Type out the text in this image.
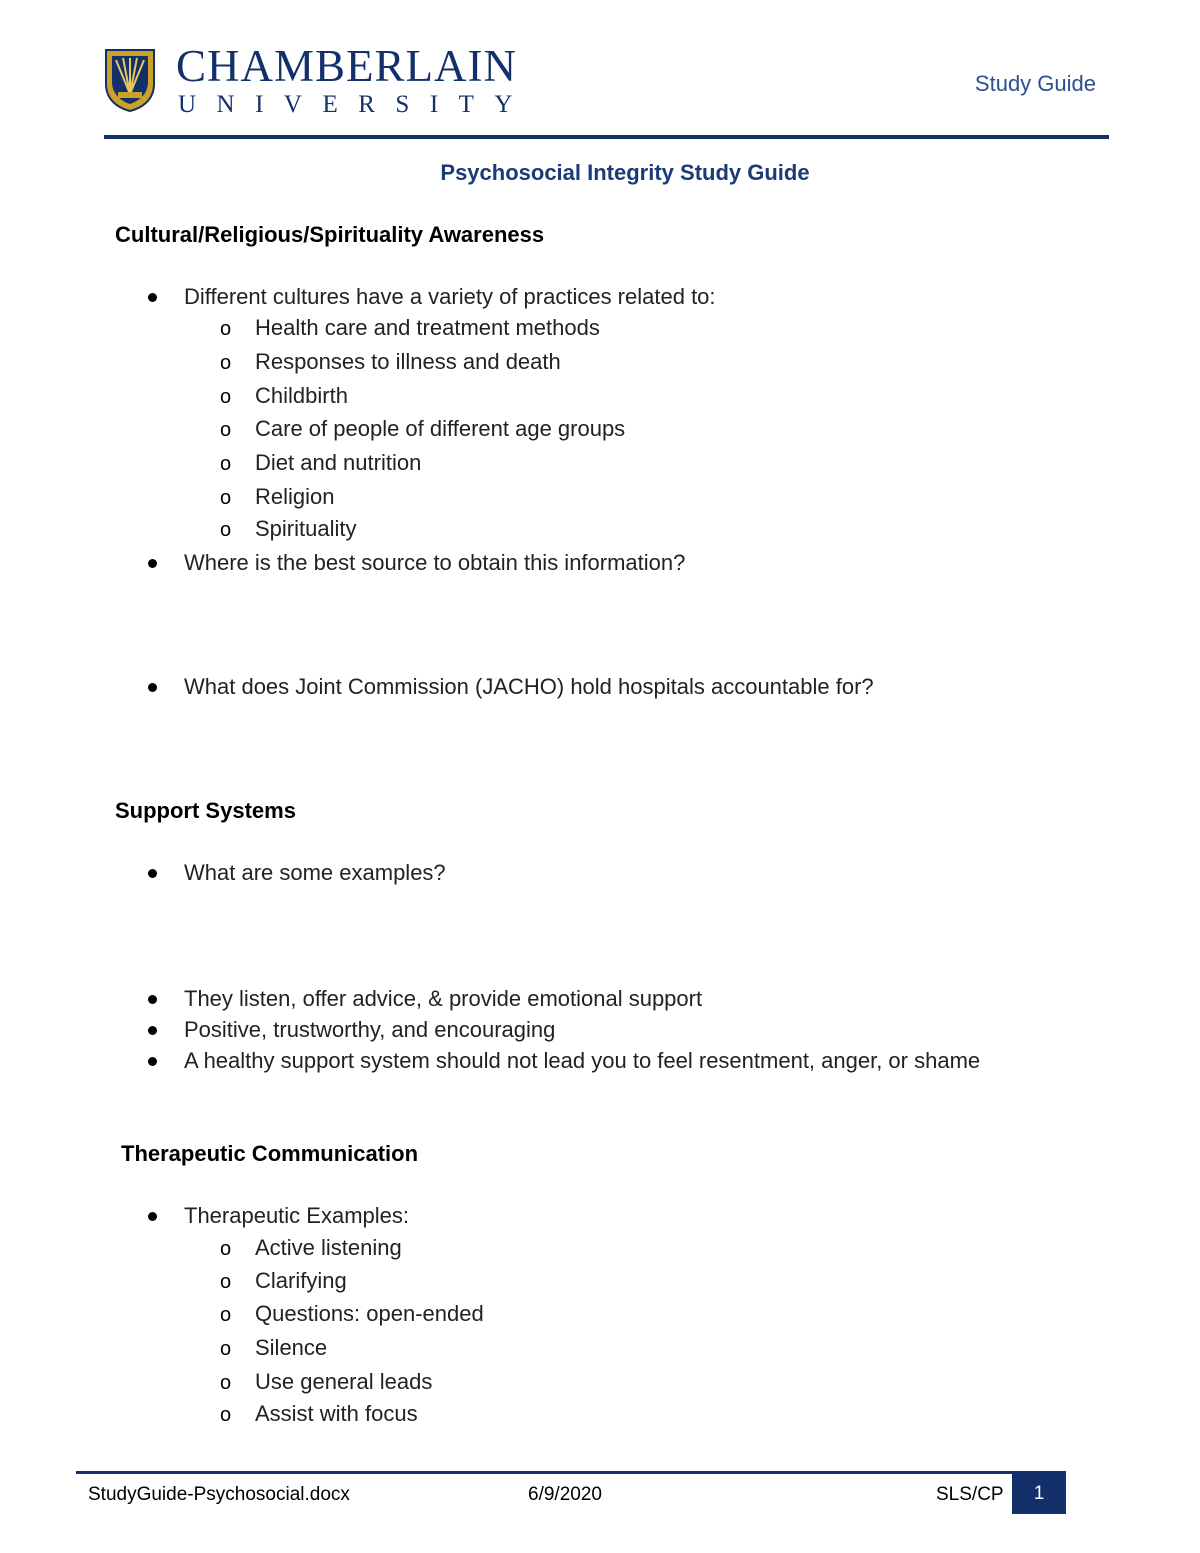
CHAMBERLAIN
UNIVERSITY
Study Guide
Psychosocial Integrity Study Guide
Cultural/Religious/Spirituality Awareness
Different cultures have a variety of practices related to:
o Health care and treatment methods
o Responses to illness and death
o Childbirth
o Care of people of different age groups
o Diet and nutrition
o Religion
o Spirituality
Where is the best source to obtain this information?
What does Joint Commission (JACHO) hold hospitals accountable for?
Support Systems
What are some examples?
They listen, offer advice, & provide emotional support
Positive, trustworthy, and encouraging
A healthy support system should not lead you to feel resentment, anger, or shame
Therapeutic Communication
Therapeutic Examples:
o Active listening
o Clarifying
o Questions: open-ended
o Silence
o Use general leads
o Assist with focus
StudyGuide-Psychosocial.docx	6/9/2020	SLS/CP	1
